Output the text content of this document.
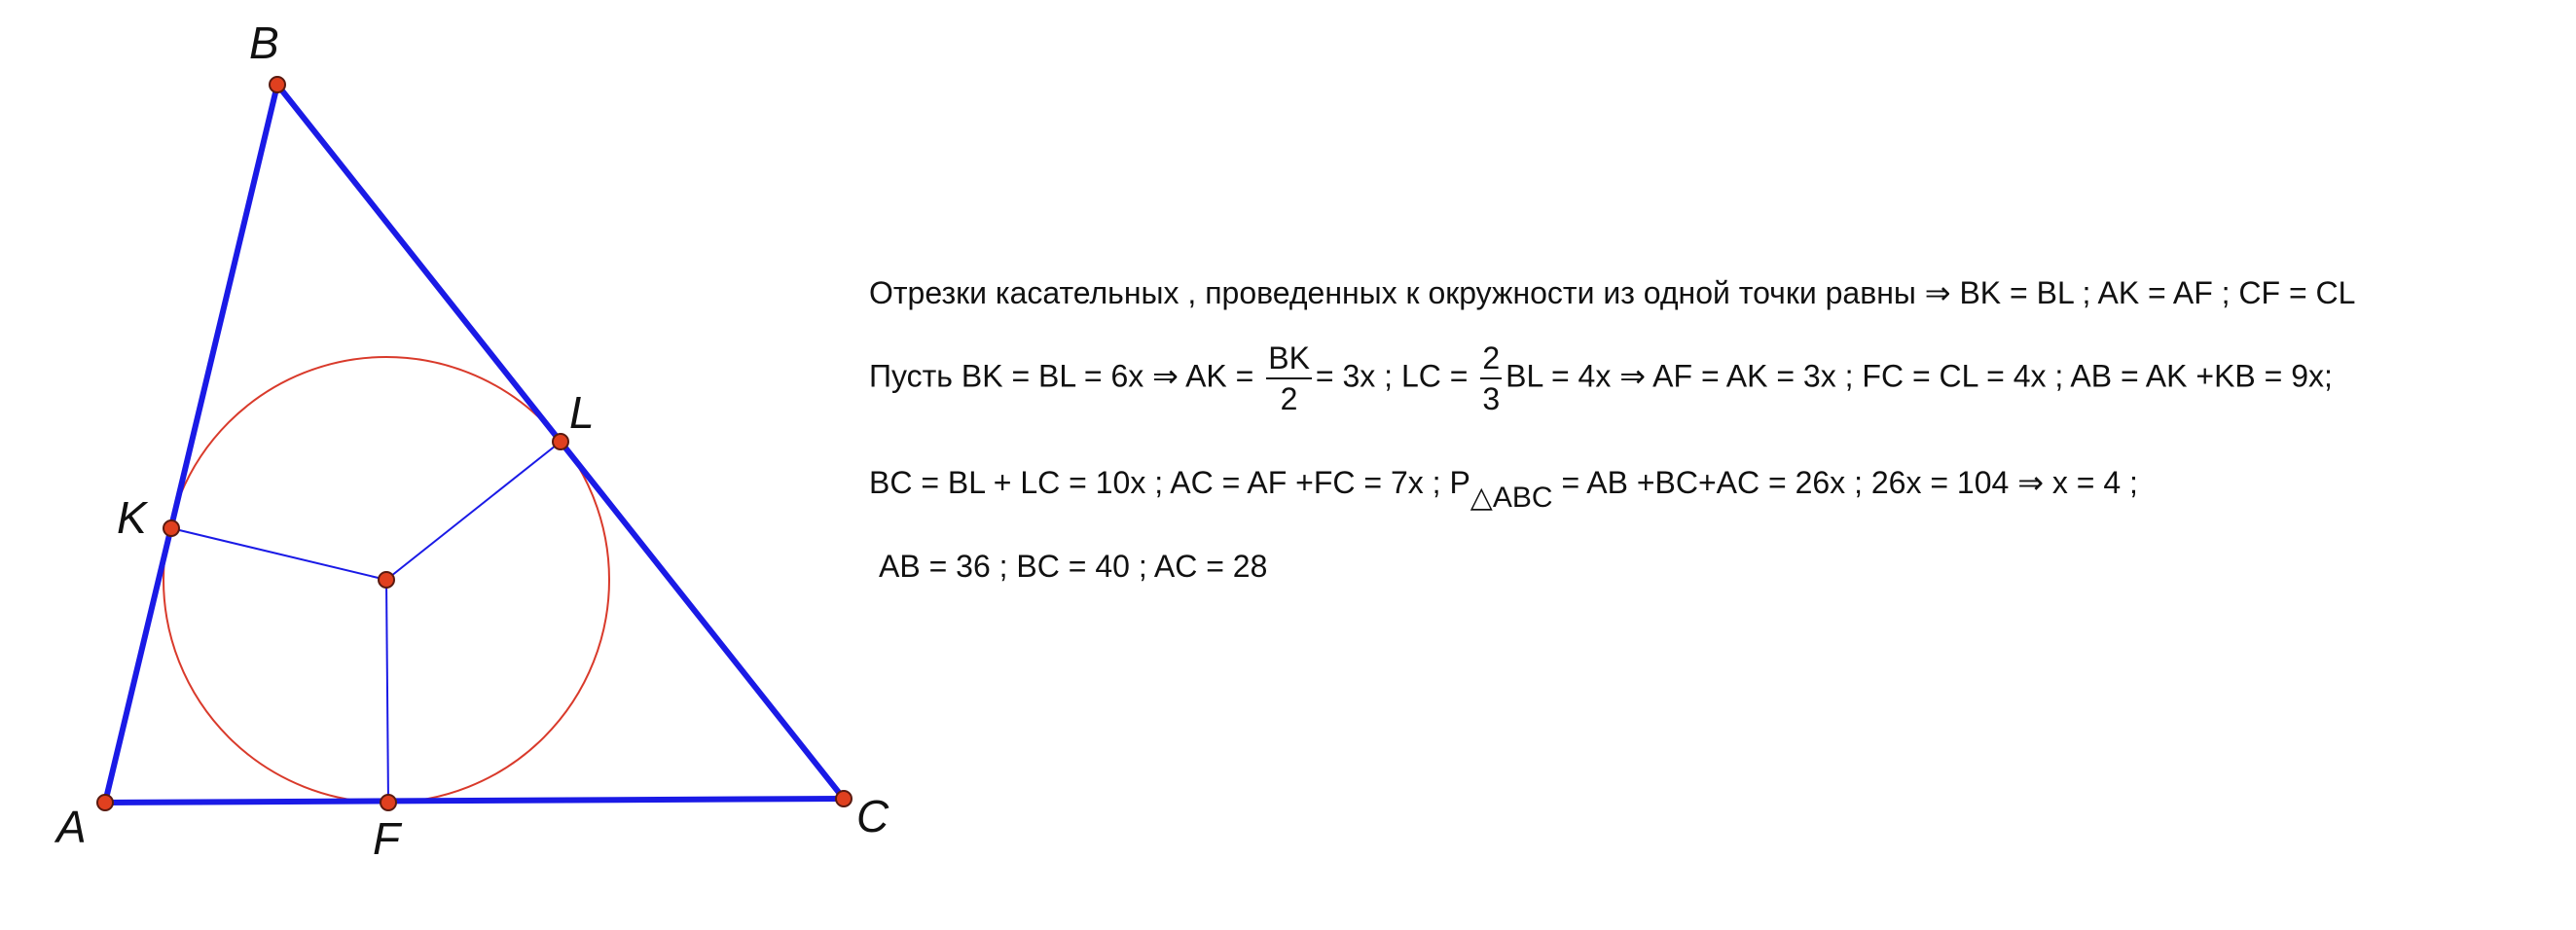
A
B
C
K
L
F
Отрезки касательных , проведенных к окружности из одной точки равны ⇒ BK = BL ; AK = AF ; CF = CL
Пусть BK = BL = 6x ⇒ AK = $\frac{BK}{2} = 3x$ ; LC = $\frac{2}{3}$ BL = 4x ⇒ AF = AK = 3x ; FC = CL = 4x ; AB = AK +KB = 9x;
BC = BL + LC = 10x ; AC = AF +FC = 7x ; P△ABC = AB +BC+AC = 26x ; 26x = 104 ⇒ x = 4 ;
AB = 36 ; BC = 40 ; AC = 28
